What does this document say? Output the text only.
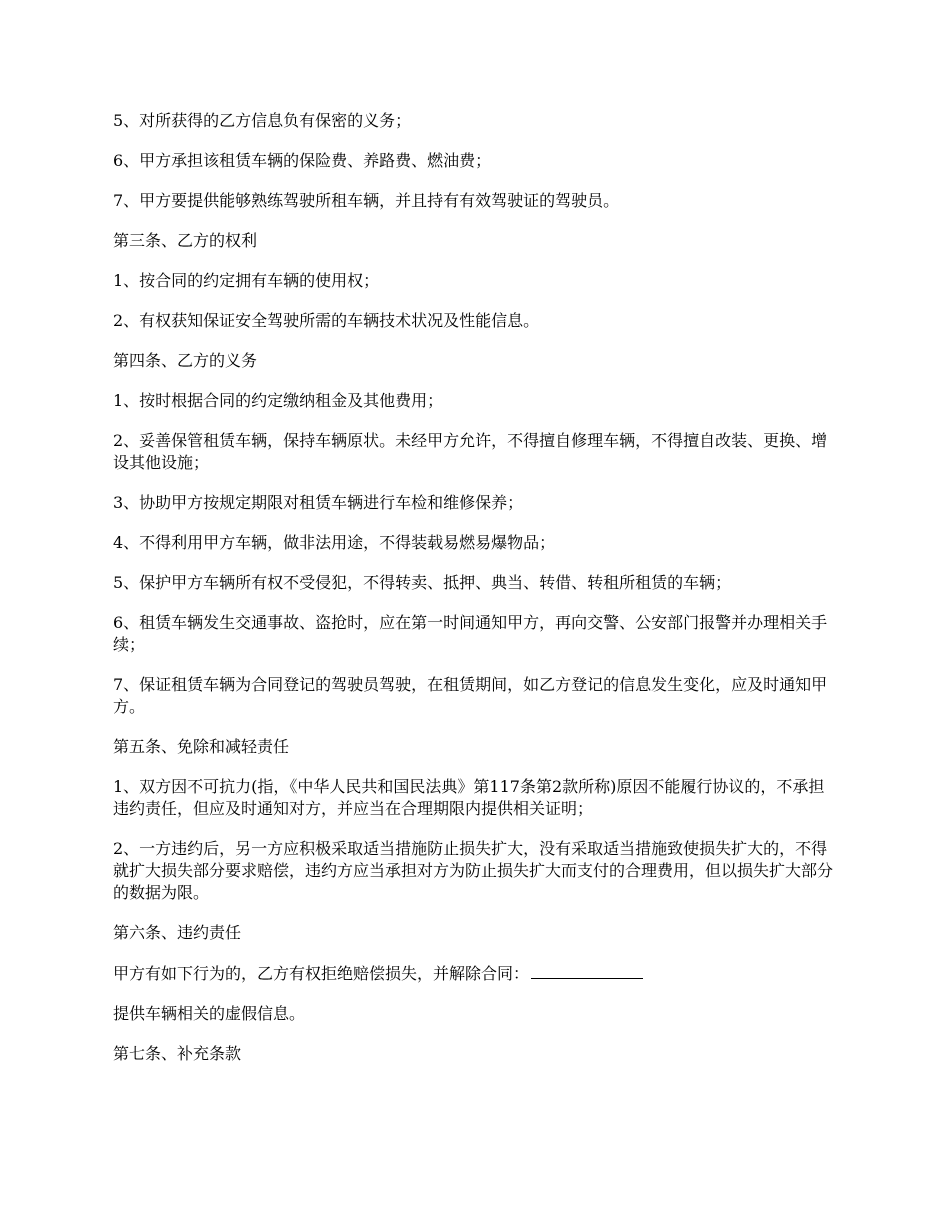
5、对所获得的乙方信息负有保密的义务；

6、甲方承担该租赁车辆的保险费、养路费、燃油费；

7、甲方要提供能够熟练驾驶所租车辆，并且持有有效驾驶证的驾驶员。

第三条、乙方的权利

1、按合同的约定拥有车辆的使用权；

2、有权获知保证安全驾驶所需的车辆技术状况及性能信息。

第四条、乙方的义务

1、按时根据合同的约定缴纳租金及其他费用；

2、妥善保管租赁车辆，保持车辆原状。未经甲方允许，不得擅自修理车辆，不得擅自改装、更换、增设其他设施；

3、协助甲方按规定期限对租赁车辆进行车检和维修保养；

4、不得利用甲方车辆，做非法用途，不得装载易燃易爆物品；

5、保护甲方车辆所有权不受侵犯，不得转卖、抵押、典当、转借、转租所租赁的车辆；

6、租赁车辆发生交通事故、盗抢时，应在第一时间通知甲方，再向交警、公安部门报警并办理相关手续；

7、保证租赁车辆为合同登记的驾驶员驾驶，在租赁期间，如乙方登记的信息发生变化，应及时通知甲方。

第五条、免除和减轻责任

1、双方因不可抗力(指，《中华人民共和国民法典》第117条第2款所称)原因不能履行协议的，不承担违约责任，但应及时通知对方，并应当在合理期限内提供相关证明；

2、一方违约后，另一方应积极采取适当措施防止损失扩大，没有采取适当措施致使损失扩大的，不得就扩大损失部分要求赔偿，违约方应当承担对方为防止损失扩大而支付的合理费用，但以损失扩大部分的数据为限。

第六条、违约责任

甲方有如下行为的，乙方有权拒绝赔偿损失，并解除合同：

提供车辆相关的虚假信息。

第七条、补充条款
